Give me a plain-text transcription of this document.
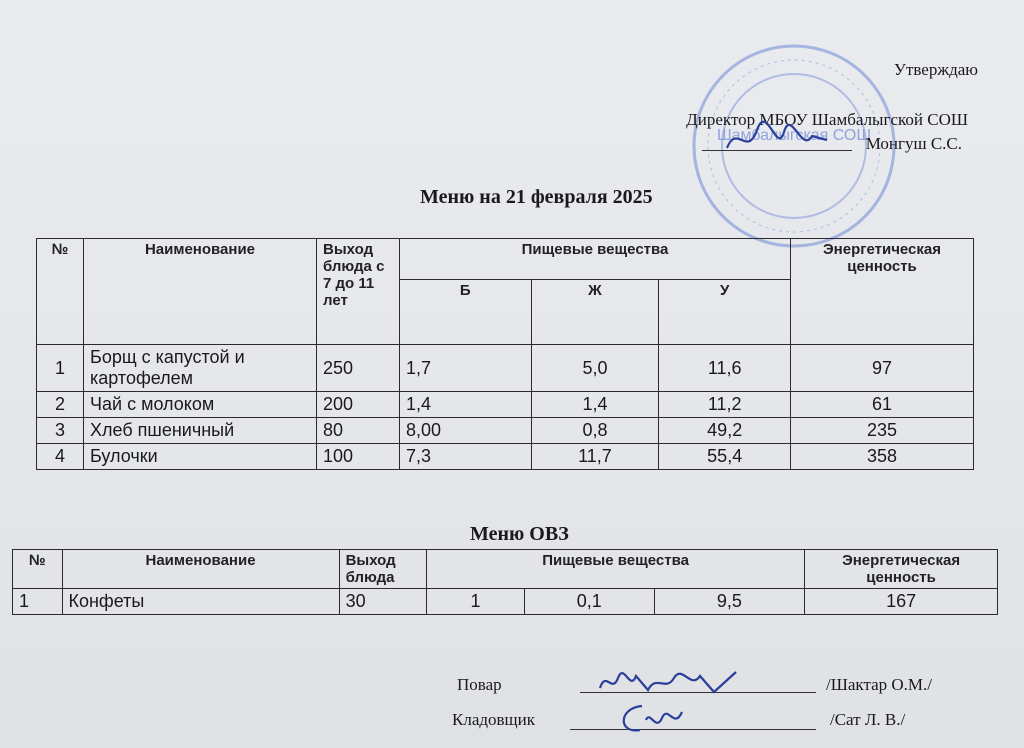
Шамбалыгская СОШ
Утверждаю
Директор МБОУ Шамбалыгской СОШ
Монгуш С.С.
Меню на 21 февраля 2025
№	Наименование	Выход блюда с 7 до 11 лет	Пищевые вещества			Энергетическая ценность
			Б	Ж	У	
1	Борщ с капустой и картофелем	250	1,7	5,0	11,6	97
2	Чай с молоком	200	1,4	1,4	11,2	61
3	Хлеб пшеничный	80	8,00	0,8	49,2	235
4	Булочки	100	7,3	11,7	55,4	358
Меню ОВЗ
№	Наименование	Выход блюда	Пищевые вещества			Энергетическая ценность
1	Конфеты	30	1	0,1	9,5	167
Повар	/Шактар О.М./
Кладовщик	/Сат Л. В./
